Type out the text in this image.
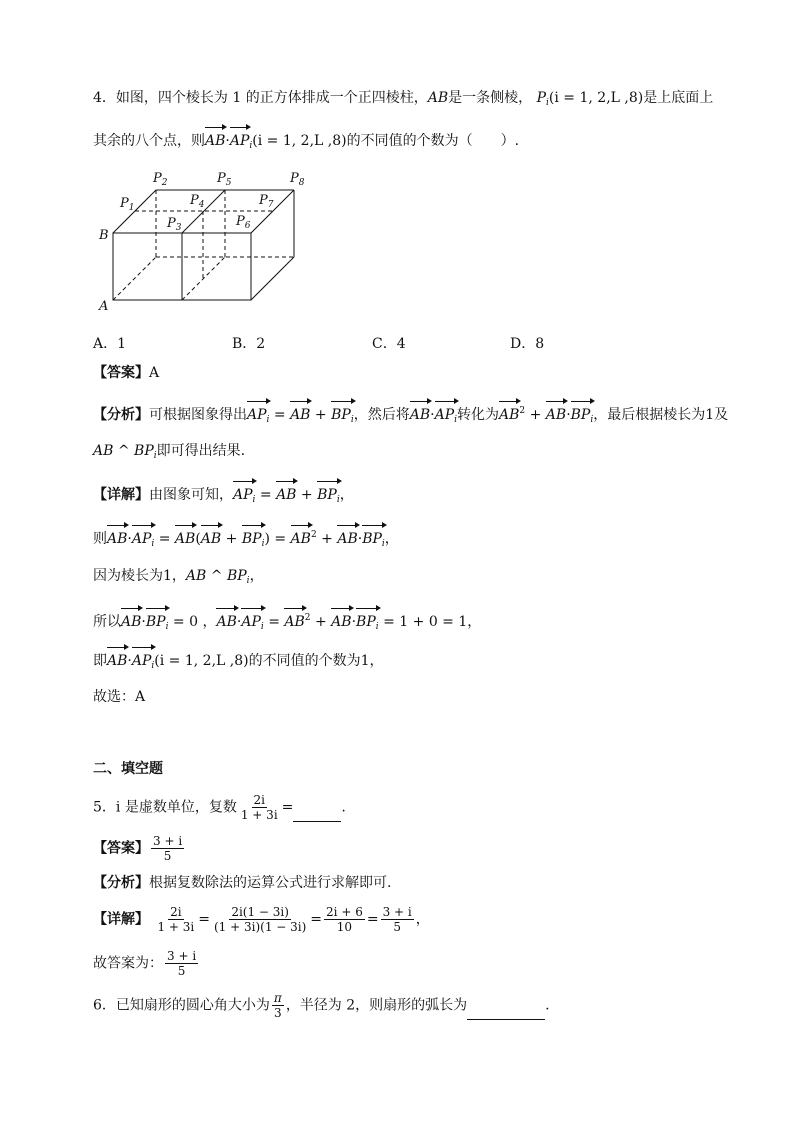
4．如图，四个棱长为 1 的正方体排成一个正四棱柱，AB是一条侧棱， $P_i(i = 1$, 2,L ,8)是上底面上
其余的八个点，则$AB\cdot AP_i(i = 1$, 2,L ,8)的不同值的个数为（　　）.
$P_2$	$P_5$	$P_8$
$P_1$	$P_4$	$P_7$
$P_3$	$P_6$
B
A
A．1	B．2	C．4	D．8
【答案】A
【分析】可根据图象得出$AP_i$ = AB + $BP_i$，然后将$AB\cdot AP_i$转化为$AB^2 + AB\cdot BP_i$，最后根据棱长为1及
AB ^ $BP_i$即可得出结果.
【详解】由图象可知，$AP_i$ = AB + $BP_i$，
则$AB\cdot AP_i = AB(AB + BP_i) = AB^2 + AB\cdot BP_i$，
因为棱长为1，AB ^ $BP_i$，
所以$AB\cdot BP_i = 0$ ，$AB\cdot AP_i = AB^2 + AB\cdot BP_i = 1 + 0 = 1$，
即$AB\cdot AP_i(i = 1$, 2,L ,8)的不同值的个数为1，
故选：A
二、填空题
5．i 是虚数单位，复数 $\frac{2i}{1 + 3i}$ =	.
【答案】 $\frac{3 + i}{5}$
【分析】根据复数除法的运算公式进行求解即可.
【详解】 $\frac{2i}{1 + 3i} = \frac{2i(1 - 3i)}{(1 + 3i)(1 - 3i)} = \frac{2i + 6}{10} = \frac{3 + i}{5}$ ，
故答案为： $\frac{3 + i}{5}$
6．已知扇形的圆心角大小为 $\frac{\pi}{3}$ ，半径为 2，则扇形的弧长为	.
